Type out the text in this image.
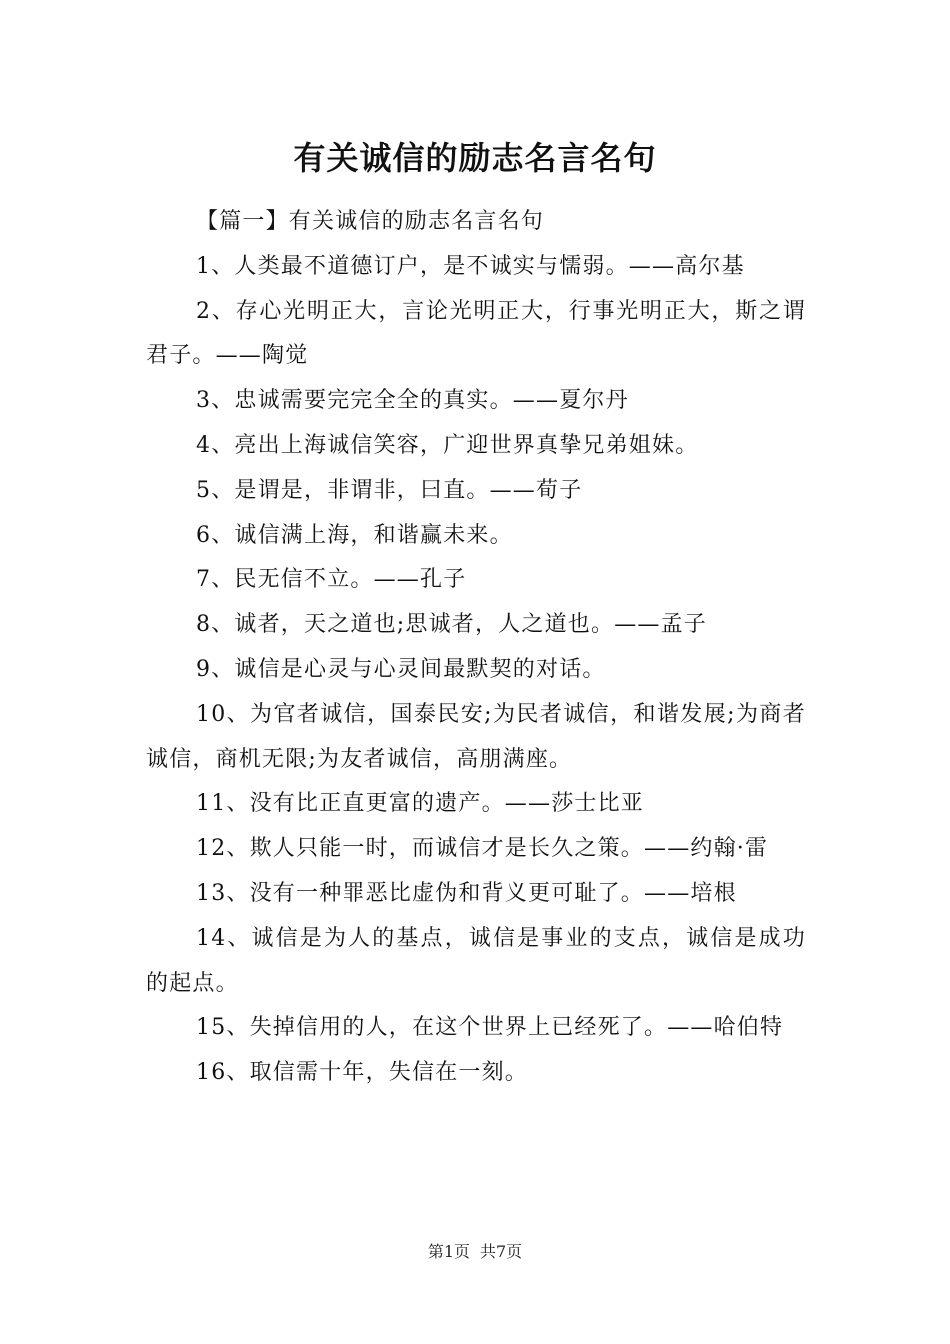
有关诚信的励志名言名句

【篇一】有关诚信的励志名言名句

1、人类最不道德订户，是不诚实与懦弱。——高尔基

2、存心光明正大，言论光明正大，行事光明正大，斯之谓君子。——陶觉

3、忠诚需要完完全全的真实。——夏尔丹

4、亮出上海诚信笑容，广迎世界真挚兄弟姐妹。

5、是谓是，非谓非，曰直。——荀子

6、诚信满上海，和谐赢未来。

7、民无信不立。——孔子

8、诚者，天之道也;思诚者，人之道也。——孟子

9、诚信是心灵与心灵间最默契的对话。

10、为官者诚信，国泰民安;为民者诚信，和谐发展;为商者诚信，商机无限;为友者诚信，高朋满座。

11、没有比正直更富的遗产。——莎士比亚

12、欺人只能一时，而诚信才是长久之策。——约翰·雷

13、没有一种罪恶比虚伪和背义更可耻了。——培根

14、诚信是为人的基点，诚信是事业的支点，诚信是成功的起点。

15、失掉信用的人，在这个世界上已经死了。——哈伯特

16、取信需十年，失信在一刻。

第1页 共7页
